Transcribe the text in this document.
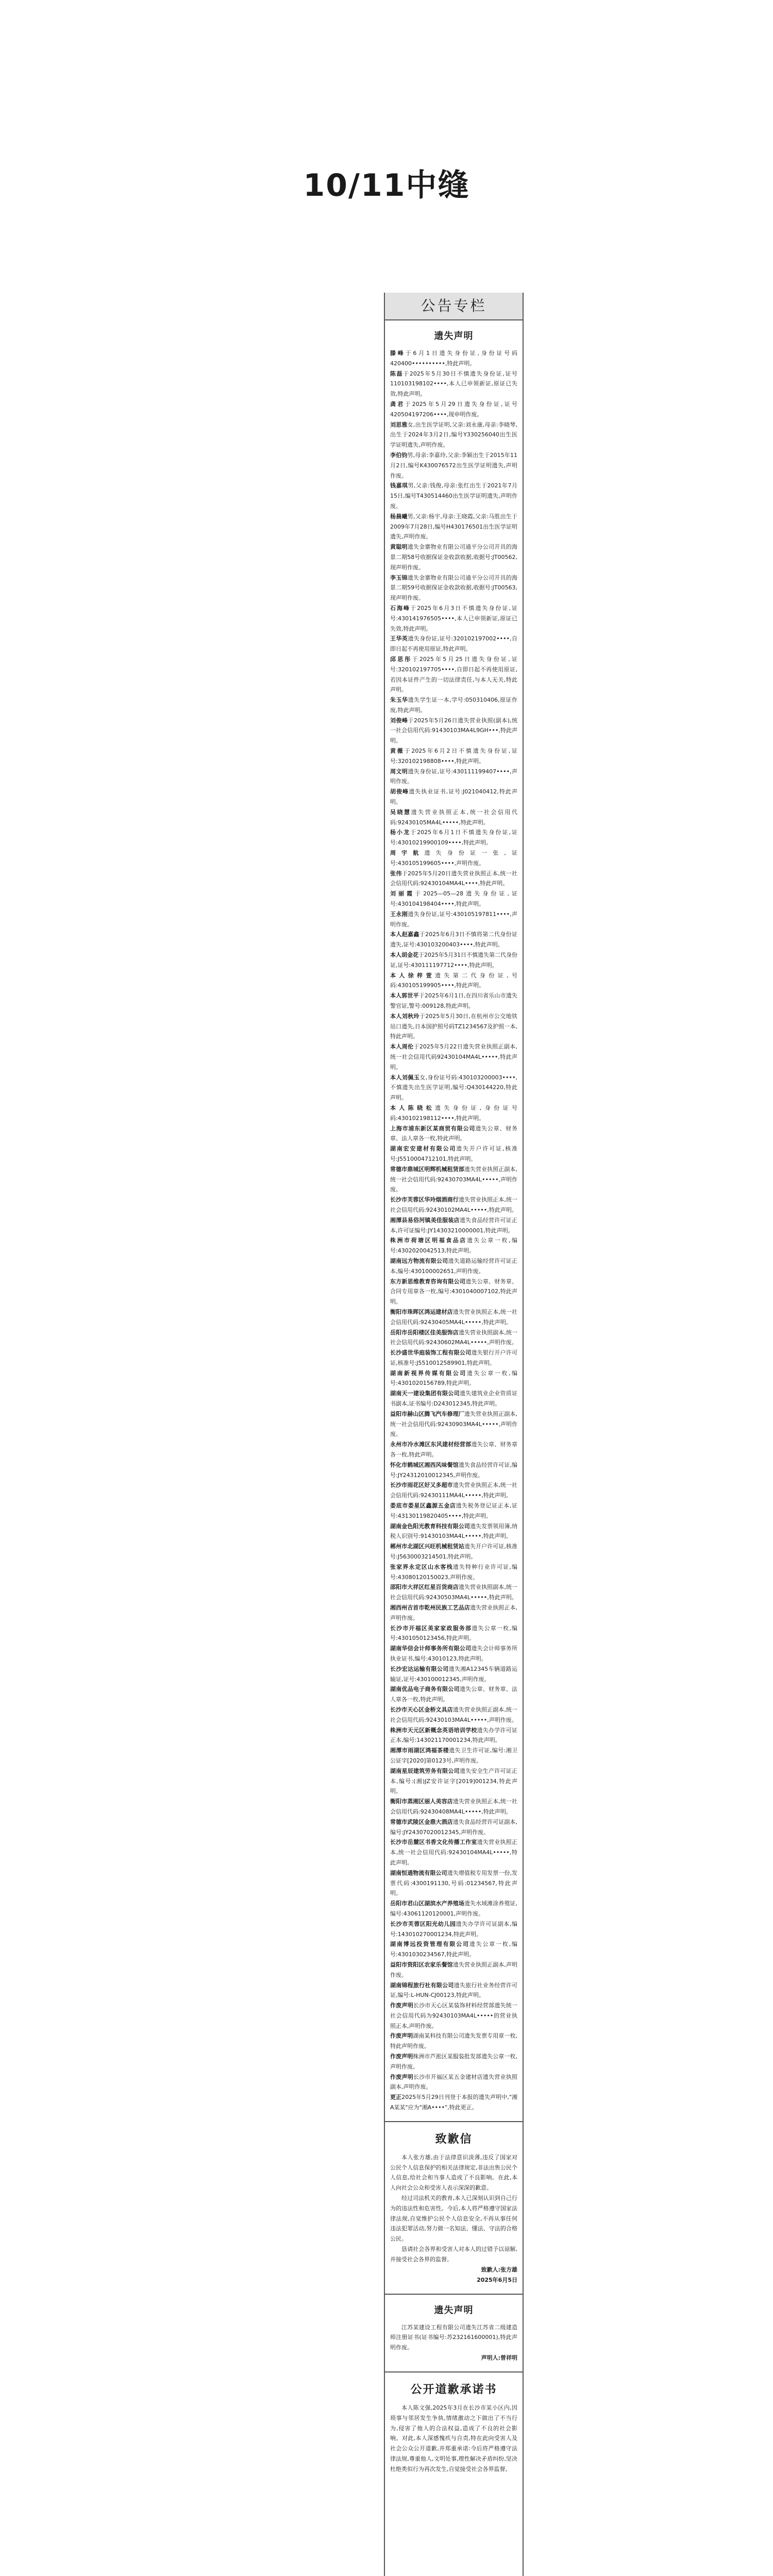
10/11中缝
公告专栏
遗失声明

滕峰于6月1日遗失身份证,身份证号码420400••••••••••,特此声明。

陈磊于2025年5月30日不慎遗失身份证,证号110103198102••••,本人已申领新证,原证已失效,特此声明。

龚君于2025年5月29日遗失身份证,证号420504197206••••,现申明作废。

刘思雅女,出生医学证明,父亲:刘永康,母亲:李晓琴,出生于2024年3月2日,编号Y330256040出生医学证明遗失,声明作废。

李伯钧男,母亲:李嘉玲,父亲:李颖出生于2015年11月2日,编号K430076572出生医学证明遗失,声明作废。

钱嘉琪男,父亲:钱俊,母亲:张红出生于2021年7月15日,编号T430514460出生医学证明遗失,声明作废。

杨晨曦男,父亲:杨宇,母亲:王晓霞,父亲:马胜出生于2009年7月28日,编号H430176501出生医学证明遗失,声明作废。

黄聪明遗失金寨物业有限公司通平分公司开具的海景二期58号收据保证金收款收据,收据号:JT00562,现声明作废。

李玉锦遗失金寨物业有限公司通平分公司开具的海景二期59号收据保证金收款收据,收据号:JT00563,现声明作废。

石海峰于2025年6月3日不慎遗失身份证,证号:430141976505••••,本人已申领新证,原证已失效,特此声明。

王华英遗失身份证,证号:320102197002••••,自即日起不再使用原证,特此声明。

邱思彤于2025年5月25日遗失身份证,证号:320102197705••••,自即日起不再使用原证,若因本证件产生的一切法律责任,与本人无关,特此声明。

朱玉华遗失学生证一本,学号:050310406,原证作废,特此声明。

刘俊峰于2025年5月26日遗失营业执照(副本),统一社会信用代码:91430103MA4L9GH•••,特此声明。

黄薇于2025年6月2日不慎遗失身份证,证号:320102198808••••,特此声明。

周文明遗失身份证,证号:430111199407••••,声明作废。

胡俊峰遗失执业证书,证号:J021040412,特此声明。

吴晓慧遗失营业执照正本,统一社会信用代码:92430105MA4L•••••,特此声明。

杨小龙于2025年6月1日不慎遗失身份证,证号:43010219900109••••,特此声明。

周宇航遗失身份证一张,证号:430105199605••••,声明作废。

张伟于2025年5月20日遗失营业执照正本,统一社会信用代码:92430104MA4L••••,特此声明。

刘丽霞于2025—05—28遗失身份证,证号:430104198404••••,特此声明。

王永刚遗失身份证,证号:430105197811••••,声明作废。

本人赵嘉鑫于2025年6月3日不慎将第二代身份证遗失,证号:430103200403••••,特此声明。

本人胡金花于2025年5月31日不慎遗失第二代身份证,证号:430111197712••••,特此声明。

本人徐梓萱遗失第二代身份证,号码:430105199905••••,特此声明。

本人郭世平于2025年6月1日,在四川省乐山市遗失警官证,警号:009128,特此声明。

本人刘秋玲于2025年5月30日,在杭州市公交地铁站口遗失,日本国护照号码TZ1234567及护照一本,特此声明。

本人周伦于2025年5月22日遗失营业执照正副本,统一社会信用代码92430104MA4L•••••,特此声明。

本人刘佩玉女,身份证号码:430103200003••••,不慎遗失出生医学证明,编号:Q430144220,特此声明。

本人陈晓松遗失身份证,身份证号码:430102198112••••,特此声明。

上海市浦东新区某商贸有限公司遗失公章、财务章、法人章各一枚,特此声明。

湖南宏安建材有限公司遗失开户许可证,核准号:J5510004712101,特此声明。

常德市鼎城区明辉机械租赁部遗失营业执照正副本,统一社会信用代码:92430703MA4L•••••,声明作废。

长沙市芙蓉区华玲烟酒商行遗失营业执照正本,统一社会信用代码:92430102MA4L•••••,特此声明。

湘潭县易俗河镇美佳服装店遗失食品经营许可证正本,许可证编号:JY14303210000001,特此声明。

株洲市荷塘区明福食品店遗失公章一枚,编号:4302020042513,特此声明。

湖南远方物流有限公司遗失道路运输经营许可证正本,编号:430100002651,声明作废。

东方新思维教育咨询有限公司遗失公章、财务章、合同专用章各一枚,编号:4301040007102,特此声明。

衡阳市珠晖区鸿运建材店遗失营业执照正本,统一社会信用代码:92430405MA4L•••••,特此声明。

岳阳市岳阳楼区佳美服饰店遗失营业执照副本,统一社会信用代码:92430602MA4L•••••,声明作废。

长沙盛世华庭装饰工程有限公司遗失银行开户许可证,核准号:J5510012589901,特此声明。

湖南新视界传媒有限公司遗失公章一枚,编号:4301020156789,特此声明。

湖南天一建设集团有限公司遗失建筑业企业资质证书副本,证书编号:D243012345,特此声明。

益阳市赫山区腾飞汽车修理厂遗失营业执照正副本,统一社会信用代码:92430903MA4L•••••,声明作废。

永州市冷水滩区东风建材经营部遗失公章、财务章各一枚,特此声明。

怀化市鹤城区湘西风味餐馆遗失食品经营许可证,编号:JY24312010012345,声明作废。

长沙市雨花区好又多超市遗失营业执照正本,统一社会信用代码:92430111MA4L•••••,特此声明。

娄底市娄星区鑫源五金店遗失税务登记证正本,证号:43130119820405••••,特此声明。

湖南金色阳光教育科技有限公司遗失发票领用簿,纳税人识别号:91430103MA4L•••••,特此声明。

郴州市北湖区兴旺机械租赁站遗失开户许可证,核准号:J5630003214501,特此声明。

张家界永定区山水客栈遗失特种行业许可证,编号:43080120150023,声明作废。

邵阳市大祥区红星百货商店遗失营业执照副本,统一社会信用代码:92430503MA4L•••••,特此声明。

湘西州吉首市乾州民族工艺品店遗失营业执照正本,声明作废。

长沙市开福区美家家政服务部遗失公章一枚,编号:4301050123456,特此声明。

湖南华信会计师事务所有限公司遗失会计师事务所执业证书,编号:43010123,特此声明。

长沙宏达运输有限公司遗失湘A12345车辆道路运输证,证号:430100012345,声明作废。

湖南优品电子商务有限公司遗失公章、财务章、法人章各一枚,特此声明。

长沙市天心区金桥文具店遗失营业执照正副本,统一社会信用代码:92430103MA4L•••••,声明作废。

株洲市天元区新概念英语培训学校遗失办学许可证正本,编号:143021170001234,特此声明。

湘潭市雨湖区鸿福茶楼遗失卫生许可证,编号:湘卫公证字[2020]第0123号,声明作废。

湖南星辰建筑劳务有限公司遗失安全生产许可证正本,编号:(湘)JZ安许证字[2019]001234,特此声明。

衡阳市蒸湘区丽人美容店遗失营业执照正本,统一社会信用代码:92430408MA4L•••••,特此声明。

常德市武陵区金鼎大酒店遗失食品经营许可证副本,编号:JY24307020012345,声明作废。

长沙市岳麓区书香文化传播工作室遗失营业执照正本,统一社会信用代码:92430104MA4L•••••,特此声明。

湖南恒通物流有限公司遗失增值税专用发票一份,发票代码:4300191130,号码:01234567,特此声明。

岳阳市君山区湖滨水产养殖场遗失水域滩涂养殖证,编号:43061120120001,声明作废。

长沙市芙蓉区阳光幼儿园遗失办学许可证副本,编号:143010270001234,特此声明。

湖南博远投资管理有限公司遗失公章一枚,编号:4301030234567,特此声明。

益阳市资阳区农家乐餐馆遗失营业执照正副本,声明作废。

湖南锦程旅行社有限公司遗失旅行社业务经营许可证,编号:L-HUN-CJ00123,特此声明。

作废声明长沙市天心区某装饰材料经营部遗失统一社会信用代码为92430103MA4L•••••的营业执照正本,声明作废。

作废声明湖南某科技有限公司遗失发票专用章一枚,特此声明作废。

作废声明株洲市芦淞区某服装批发部遗失公章一枚,声明作废。

作废声明长沙市开福区某五金建材店遗失营业执照副本,声明作废。

更正2025年5月29日刊登于本报的遗失声明中,"湘A某某"应为"湘A••••",特此更正。

致歉信

本人张方雄,由于法律意识淡薄,违反了国家对公民个人信息保护的相关法律规定,非法出售公民个人信息,给社会和当事人造成了不良影响。在此,本人向社会公众和受害人表示深深的歉意。

经过司法机关的教育,本人已深刻认识到自己行为的违法性和危害性。今后,本人将严格遵守国家法律法规,自觉维护公民个人信息安全,不再从事任何违法犯罪活动,努力做一名知法、懂法、守法的合格公民。

恳请社会各界和受害人对本人的过错予以谅解,并接受社会各界的监督。

致歉人:张方雄
2025年6月5日
遗失声明

江苏某建设工程有限公司遗失江苏省二级建造师注册证书(证书编号:苏232161600001),特此声明作废。

声明人:曾祥明
公开道歉承诺书

本人陈文强,2025年3月在长沙市某小区内,因琐事与邻居发生争执,情绪激动之下做出了不当行为,侵害了他人的合法权益,造成了不良的社会影响。对此,本人深感愧疚与自责,特在此向受害人及社会公众公开道歉,并郑重承诺:今后将严格遵守法律法规,尊重他人,文明处事,理性解决矛盾纠纷,坚决杜绝类似行为再次发生,自觉接受社会各界监督。
